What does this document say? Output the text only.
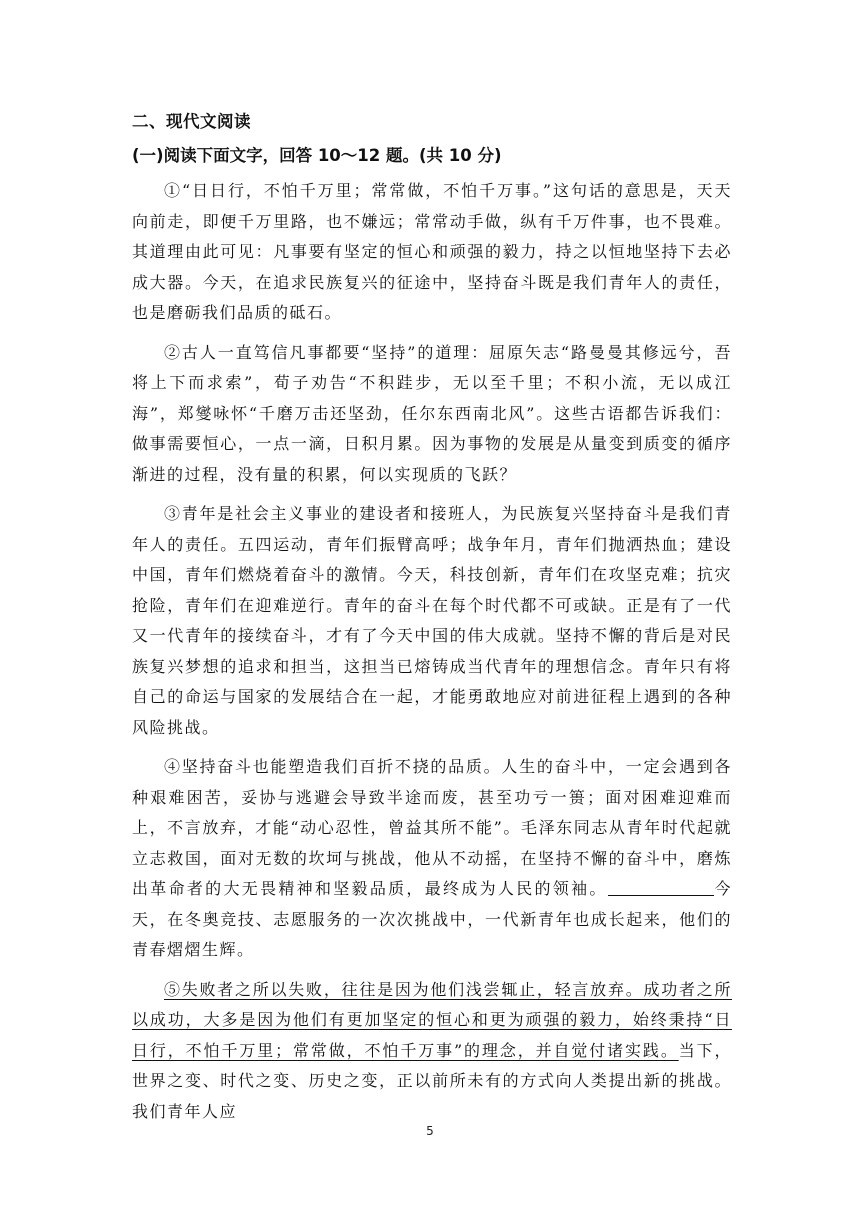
二、现代文阅读

(一)阅读下面文字，回答 10～12 题。(共 10 分)

①“日日行，不怕千万里；常常做，不怕千万事。”这句话的意思是，天天向前走，即便千万里路，也不嫌远；常常动手做，纵有千万件事，也不畏难。其道理由此可见：凡事要有坚定的恒心和顽强的毅力，持之以恒地坚持下去必成大器。今天，在追求民族复兴的征途中，坚持奋斗既是我们青年人的责任，也是磨砺我们品质的砥石。

②古人一直笃信凡事都要“坚持”的道理：屈原矢志“路曼曼其修远兮，吾将上下而求索”，荀子劝告“不积跬步，无以至千里；不积小流，无以成江海”，郑燮咏怀“千磨万击还坚劲，任尔东西南北风”。这些古语都告诉我们：做事需要恒心，一点一滴，日积月累。因为事物的发展是从量变到质变的循序渐进的过程，没有量的积累，何以实现质的飞跃？

③青年是社会主义事业的建设者和接班人，为民族复兴坚持奋斗是我们青年人的责任。五四运动，青年们振臂高呼；战争年月，青年们抛洒热血；建设中国，青年们燃烧着奋斗的激情。今天，科技创新，青年们在攻坚克难；抗灾抢险，青年们在迎难逆行。青年的奋斗在每个时代都不可或缺。正是有了一代又一代青年的接续奋斗，才有了今天中国的伟大成就。坚持不懈的背后是对民族复兴梦想的追求和担当，这担当已熔铸成当代青年的理想信念。青年只有将自己的命运与国家的发展结合在一起，才能勇敢地应对前进征程上遇到的各种风险挑战。

④坚持奋斗也能塑造我们百折不挠的品质。人生的奋斗中，一定会遇到各种艰难困苦，妥协与逃避会导致半途而废，甚至功亏一篑；面对困难迎难而上，不言放弃，才能“动心忍性，曾益其所不能”。毛泽东同志从青年时代起就立志救国，面对无数的坎坷与挑战，他从不动摇，在坚持不懈的奋斗中，磨炼出革命者的大无畏精神和坚毅品质，最终成为人民的领袖。	今天，在冬奥竞技、志愿服务的一次次挑战中，一代新青年也成长起来，他们的青春熠熠生辉。

⑤失败者之所以失败，往往是因为他们浅尝辄止，轻言放弃。成功者之所以成功，大多是因为他们有更加坚定的恒心和更为顽强的毅力，始终秉持“日日行，不怕千万里；常常做，不怕千万事”的理念，并自觉付诸实践。当下，世界之变、时代之变、历史之变，正以前所未有的方式向人类提出新的挑战。我们青年人应

5
